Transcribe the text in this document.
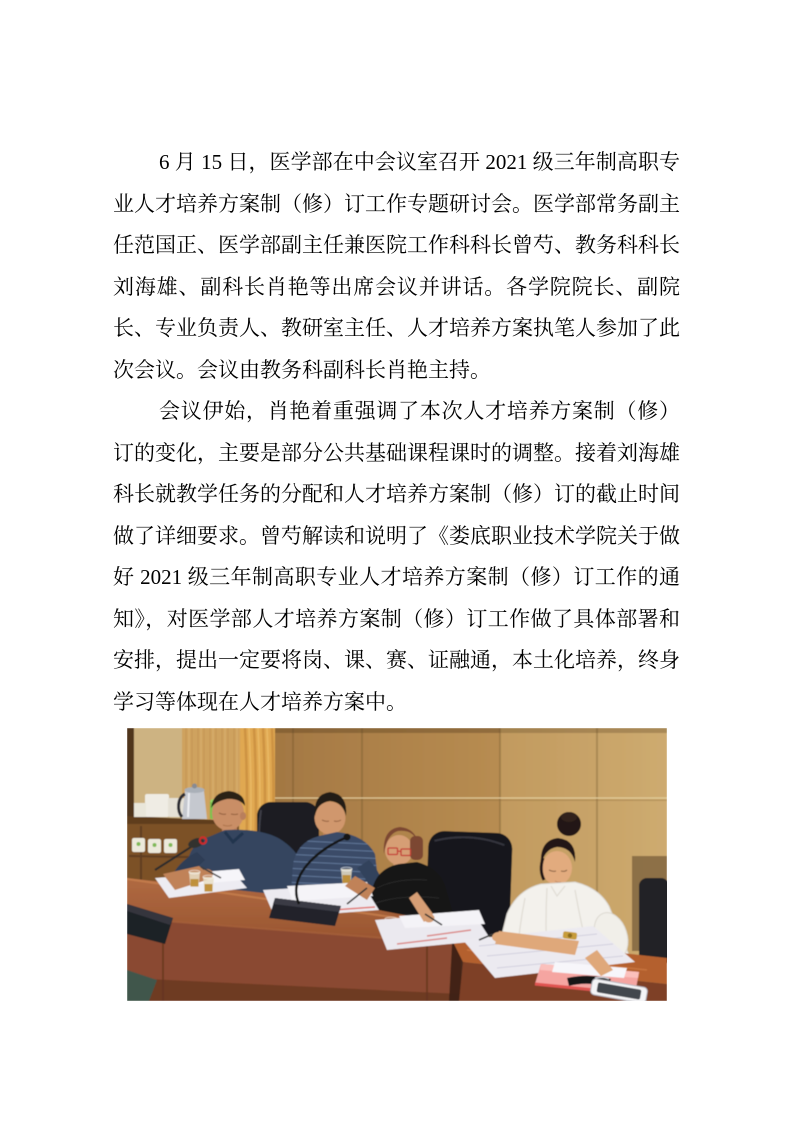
6 月 15 日，医学部在中会议室召开 2021 级三年制高职专业人才培养方案制（修）订工作专题研讨会。医学部常务副主任范国正、医学部副主任兼医院工作科科长曾芍、教务科科长刘海雄、副科长肖艳等出席会议并讲话。各学院院长、副院长、专业负责人、教研室主任、人才培养方案执笔人参加了此次会议。会议由教务科副科长肖艳主持。

会议伊始，肖艳着重强调了本次人才培养方案制（修）订的变化，主要是部分公共基础课程课时的调整。接着刘海雄科长就教学任务的分配和人才培养方案制（修）订的截止时间做了详细要求。曾芍解读和说明了《娄底职业技术学院关于做好 2021 级三年制高职专业人才培养方案制（修）订工作的通知》，对医学部人才培养方案制（修）订工作做了具体部署和安排，提出一定要将岗、课、赛、证融通，本土化培养，终身学习等体现在人才培养方案中。
